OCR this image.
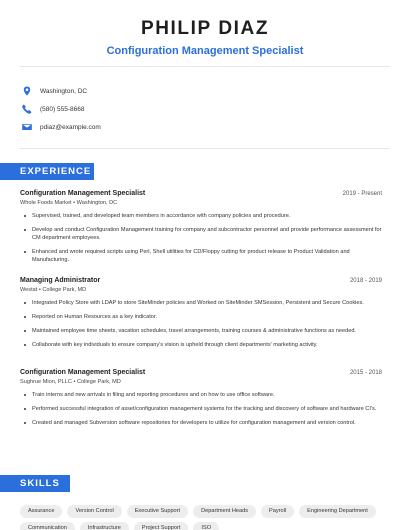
PHILIP DIAZ
Configuration Management Specialist
Washington, DC
(580) 555-8668
pdiaz@example.com
EXPERIENCE
Configuration Management Specialist	2019 - Present
Whole Foods Market • Washington, DC
Supervised, trained, and developed team members in accordance with company policies and procedure.
Develop and conduct Configuration Management training for company and subcontractor personnel and provide performance assessment for CM department employees.
Enhanced and wrote required scripts using Perl, Shell utilities for CD/Floppy cutting for product release to Product Validation and Manufacturing.
Managing Administrator	2018 - 2019
Westat • College Park, MD
Integrated Policy Store with LDAP to store SiteMinder policies and Worked on SiteMinder SMSession, Persistent and Secure Cookies.
Reported on Human Resources as a key indicator.
Maintained employee time sheets, vacation schedules, travel arrangements, training courses & administrative functions as needed.
Collaborate with key individuals to ensure company's vision is upheld through client departments' marketing activity.
Configuration Management Specialist	2015 - 2018
Sughrue Mion, PLLC • College Park, MD
Train interns and new arrivals in filing and reporting procedures and on how to use office software.
Performed successful integration of asset/configuration management systems for the tracking and discovery of software and hardware CI's.
Created and managed Subversion software repositories for developers to utilize for configuration management and version control.
SKILLS
Assurance	Version Control	Executive Support	Department Heads	Payroll	Engineering Department
Communication	Infrastructure	Project Support	ISO
